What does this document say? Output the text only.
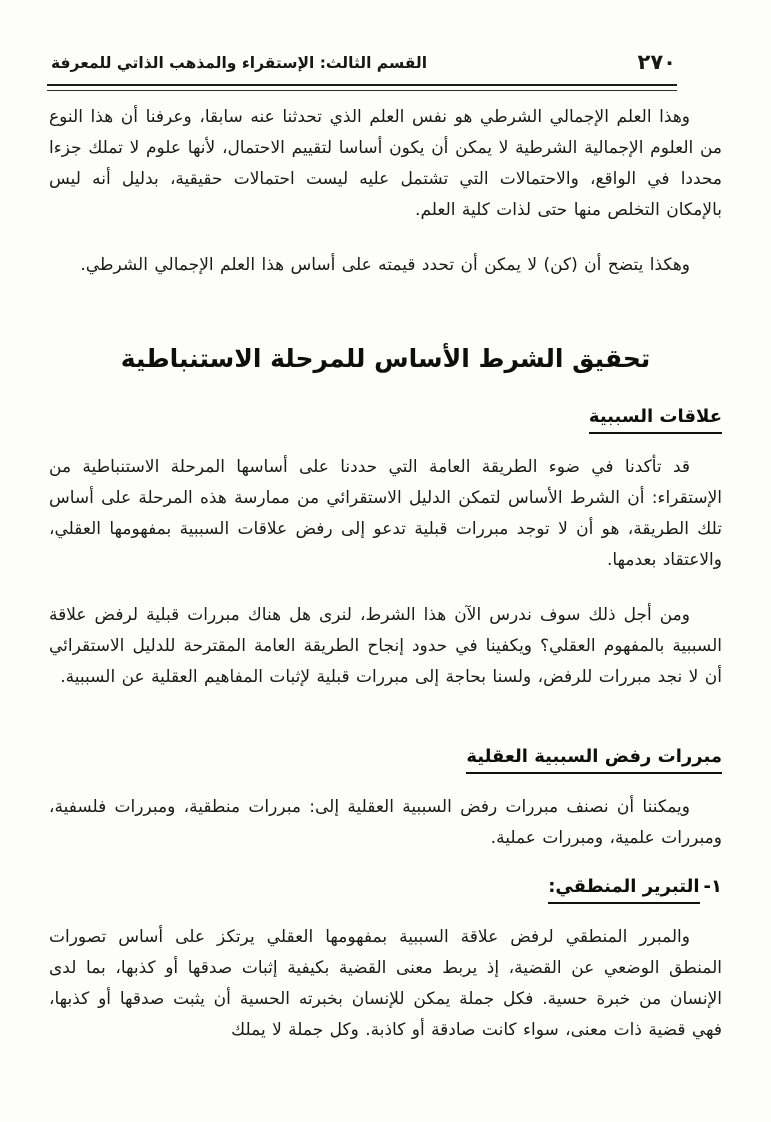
القسم الثالث: الإستقراء والمذهب الذاتي للمعرفة	٢٧٠
وهذا العلم الإجمالي الشرطي هو نفس العلم الذي تحدثنا عنه سابقا، وعرفنا أن هذا النوع من العلوم الإجمالية الشرطية لا يمكن أن يكون أساسا لتقييم الاحتمال، لأنها علوم لا تملك جزءا محددا في الواقع، والاحتمالات التي تشتمل عليه ليست احتمالات حقيقية، بدليل أنه ليس بالإمكان التخلص منها حتى لذات كلية العلم.
وهكذا يتضح أن (كن) لا يمكن أن تحدد قيمته على أساس هذا العلم الإجمالي الشرطي.
تحقيق الشرط الأساس للمرحلة الاستنباطية
علاقات السببية
قد تأكدنا في ضوء الطريقة العامة التي حددنا على أساسها المرحلة الاستنباطية من الإستقراء: أن الشرط الأساس لتمكن الدليل الاستقرائي من ممارسة هذه المرحلة على أساس تلك الطريقة، هو أن لا توجد مبررات قبلية تدعو إلى رفض علاقات السببية بمفهومها العقلي، والاعتقاد بعدمها.
ومن أجل ذلك سوف ندرس الآن هذا الشرط، لنرى هل هناك مبررات قبلية لرفض علاقة السببية بالمفهوم العقلي؟ ويكفينا في حدود إنجاح الطريقة العامة المقترحة للدليل الاستقرائي أن لا نجد مبررات للرفض، ولسنا بحاجة إلى مبررات قبلية لإثبات المفاهيم العقلية عن السببية.
مبررات رفض السببية العقلية
ويمكننا أن نصنف مبررات رفض السببية العقلية إلى: مبررات منطقية، ومبررات فلسفية، ومبررات علمية، ومبررات عملية.
١-التبرير المنطقي:
والمبرر المنطقي لرفض علاقة السببية بمفهومها العقلي يرتكز على أساس تصورات المنطق الوضعي عن القضية، إذ يربط معنى القضية بكيفية إثبات صدقها أو كذبها، بما لدى الإنسان من خبرة حسية. فكل جملة يمكن للإنسان بخبرته الحسية أن يثبت صدقها أو كذبها، فهي قضية ذات معنى، سواء كانت صادقة أو كاذبة. وكل جملة لا يملك
